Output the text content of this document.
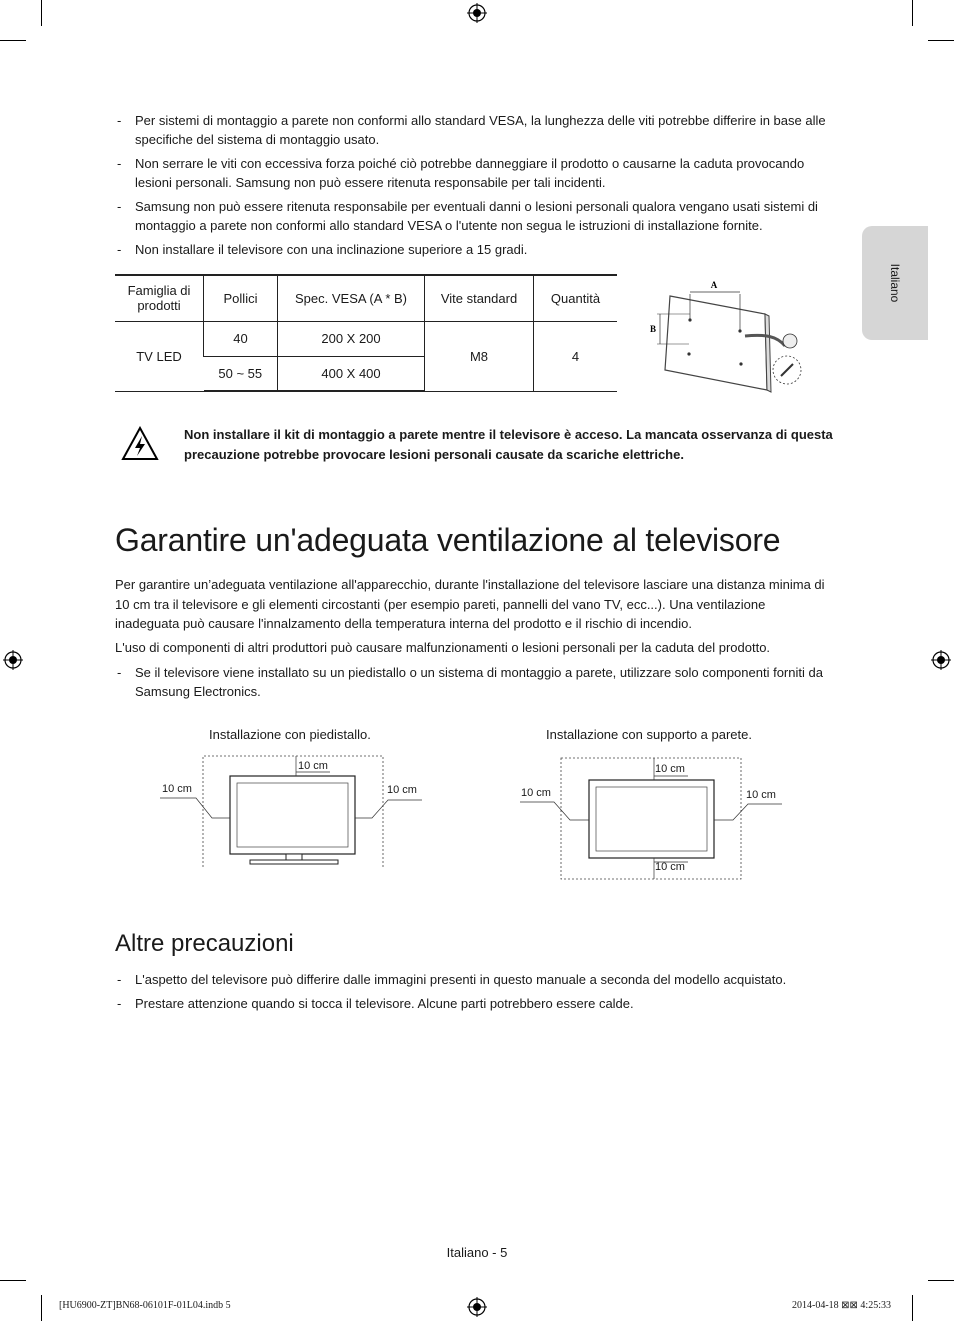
Italiano
- Per sistemi di montaggio a parete non conformi allo standard VESA, la lunghezza delle viti potrebbe differire in base alle specifiche del sistema di montaggio usato.
- Non serrare le viti con eccessiva forza poiché ciò potrebbe danneggiare il prodotto o causarne la caduta provocando lesioni personali. Samsung non può essere ritenuta responsabile per tali incidenti.
- Samsung non può essere ritenuta responsabile per eventuali danni o lesioni personali qualora vengano usati sistemi di montaggio a parete non conformi allo standard VESA o l'utente non segua le istruzioni di installazione fornite.
- Non installare il televisore con una inclinazione superiore a 15 gradi.
Famiglia di prodotti	Pollici	Spec. VESA (A * B)	Vite standard	Quantità
TV LED	40	200 X 200	M8	4
	50 ~ 55	400 X 400		
A
B

Non installare il kit di montaggio a parete mentre il televisore è acceso. La mancata osservanza di questa precauzione potrebbe provocare lesioni personali causate da scariche elettriche.

Garantire un'adeguata ventilazione al televisore

Per garantire un’adeguata ventilazione all'apparecchio, durante l'installazione del televisore lasciare una distanza minima di 10 cm tra il televisore e gli elementi circostanti (per esempio pareti, pannelli del vano TV, ecc...). Una ventilazione inadeguata può causare l'innalzamento della temperatura interna del prodotto e il rischio di incendio.

L'uso di componenti di altri produttori può causare malfunzionamenti o lesioni personali per la caduta del prodotto.

- Se il televisore viene installato su un piedistallo o un sistema di montaggio a parete, utilizzare solo componenti forniti da Samsung Electronics.
Installazione con piedistallo.	Installazione con supporto a parete.
10 cm
10 cm	10 cm
10 cm
10 cm	10 cm
10 cm
Altre precauzioni
- L'aspetto del televisore può differire dalle immagini presenti in questo manuale a seconda del modello acquistato.
- Prestare attenzione quando si tocca il televisore. Alcune parti potrebbero essere calde.
Italiano - 5
[HU6900-ZT]BN68-06101F-01L04.indb 5	2014-04-18 ⊠⊠ 4:25:33
